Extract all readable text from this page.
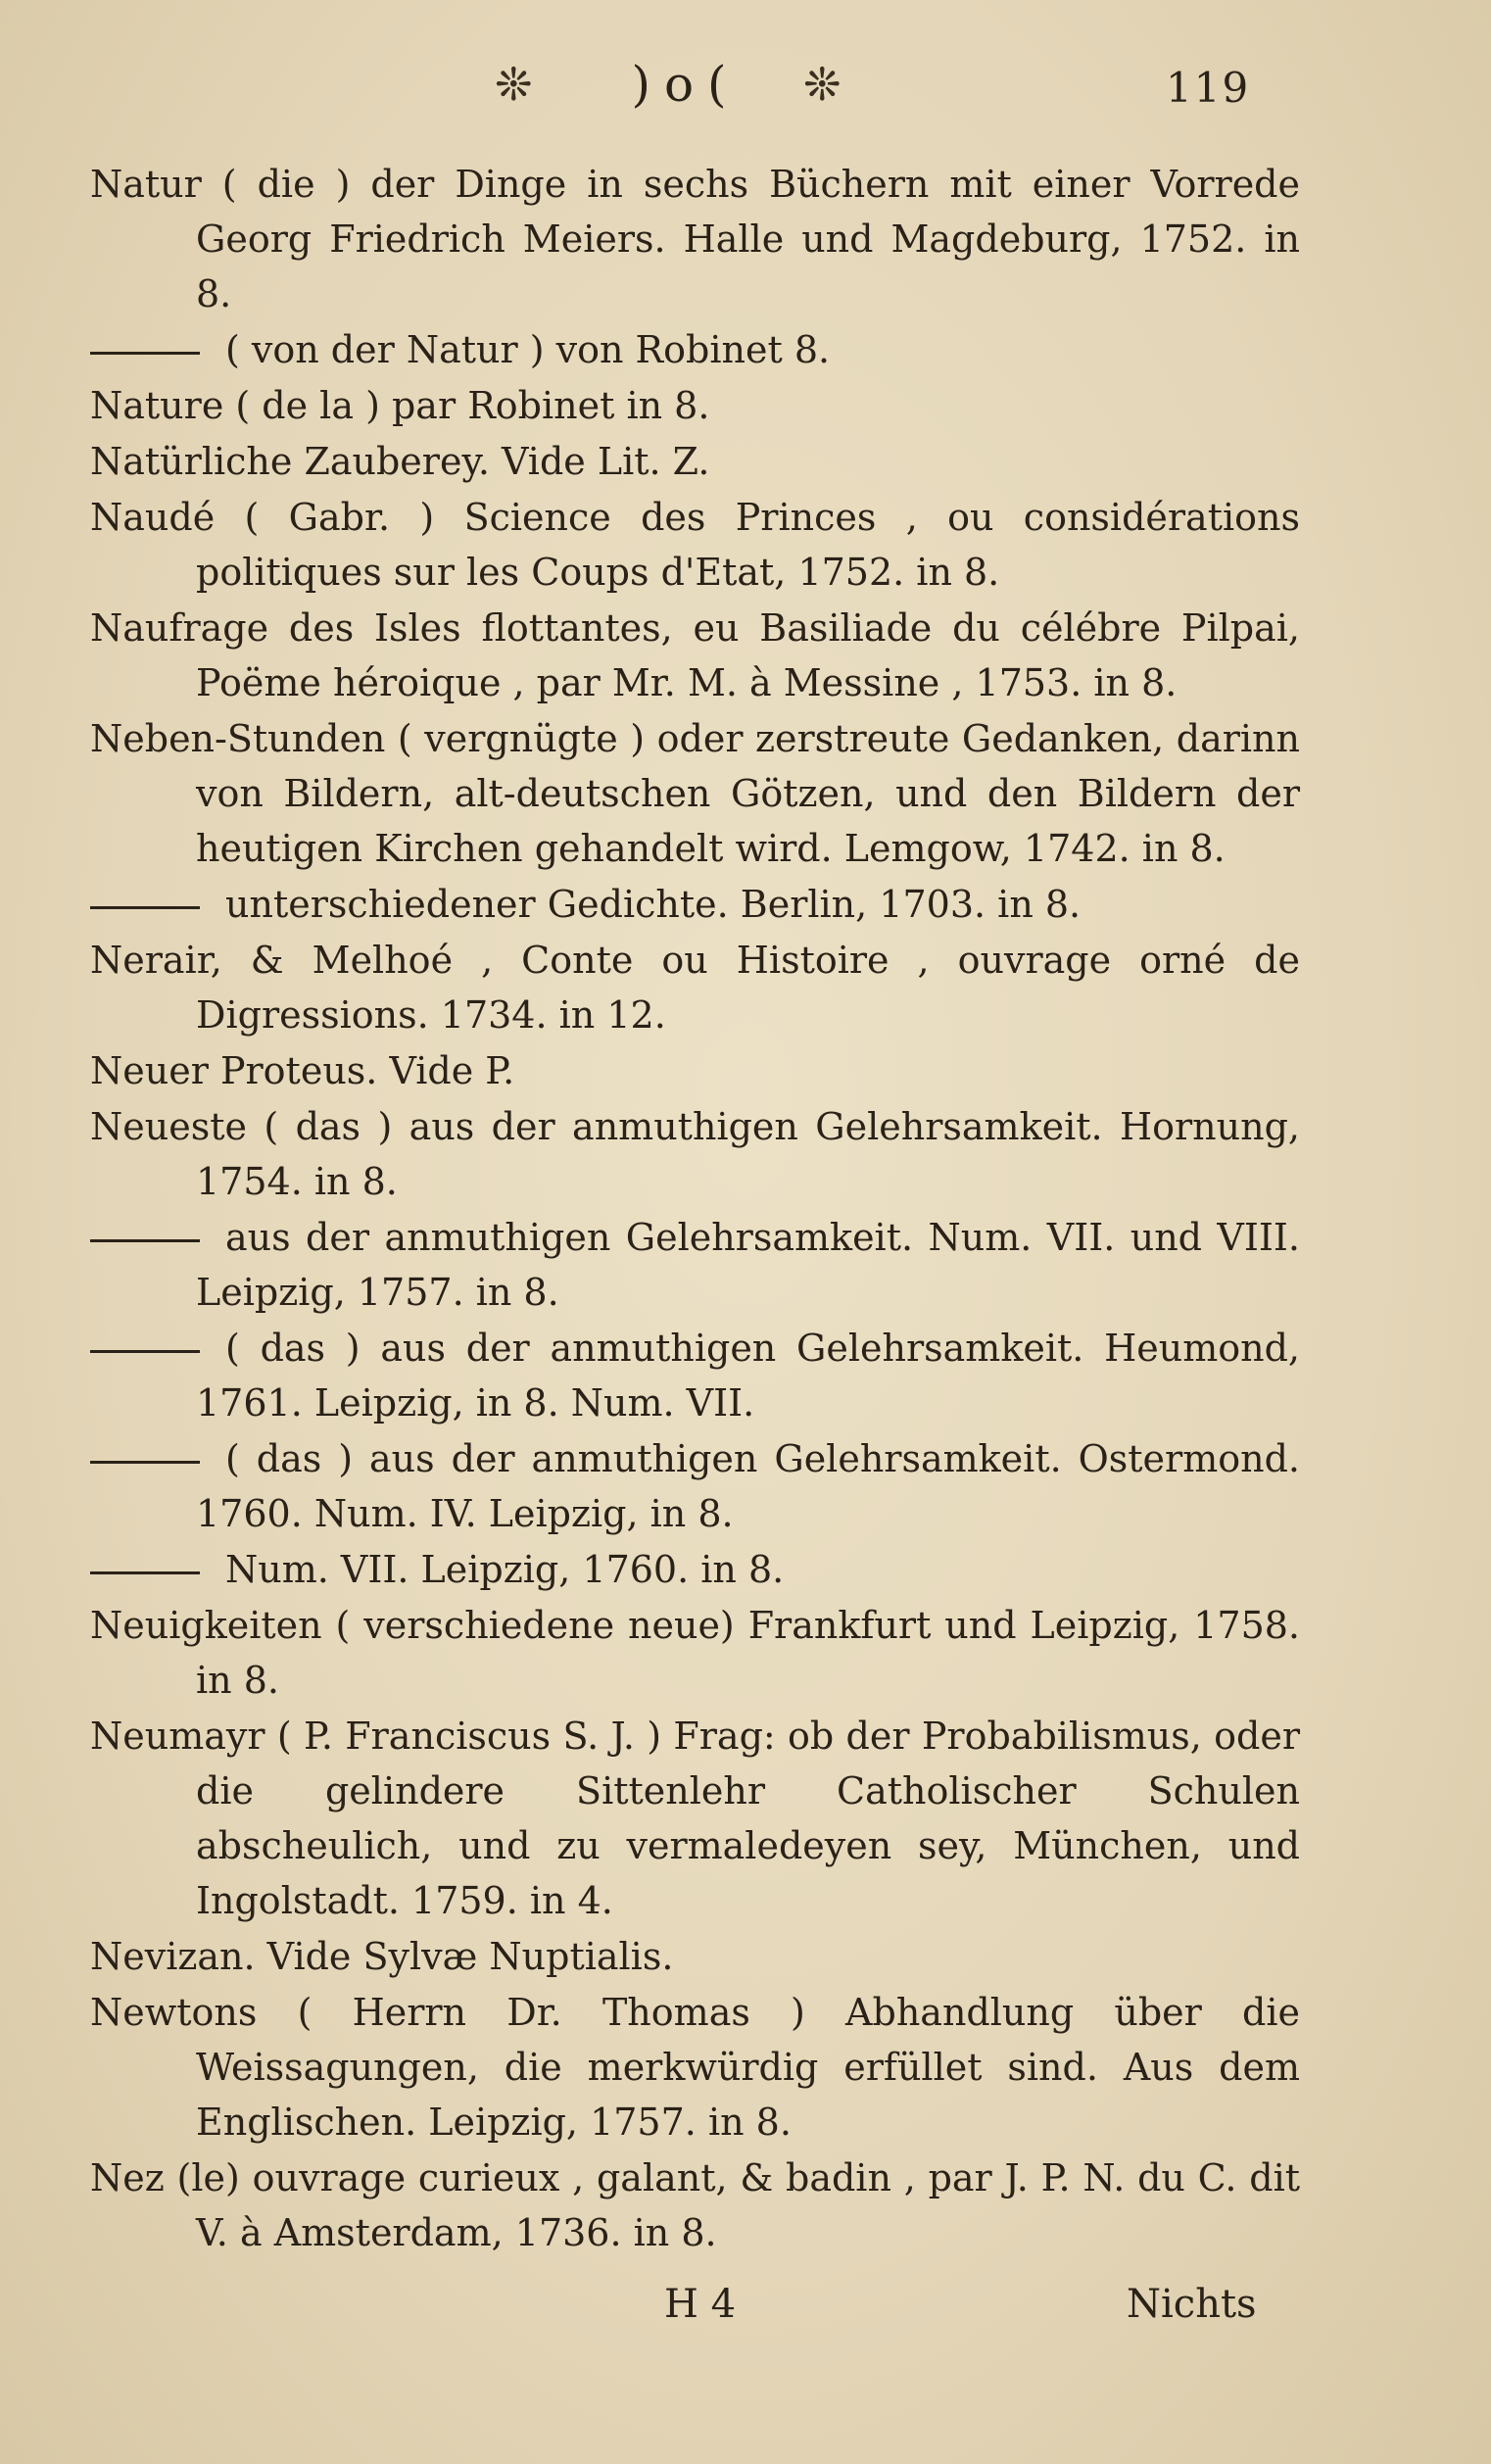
❊	)o(	❊	119

Natur ( die ) der Dinge in sechs Büchern mit einer Vorrede Georg Friedrich Meiers. Halle und Magdeburg, 1752. in 8.

( von der Natur ) von Robinet 8.

Nature ( de la ) par Robinet in 8.

Natürliche Zauberey. Vide Lit. Z.

Naudé ( Gabr. ) Science des Princes , ou considérations politiques sur les Coups d'Etat, 1752. in 8.

Naufrage des Isles flottantes, eu Basiliade du célébre Pilpai, Poëme héroique , par Mr. M. à Messine , 1753. in 8.

Neben-Stunden ( vergnügte ) oder zerstreute Gedanken, darinn von Bildern, alt-deutschen Götzen, und den Bildern der heutigen Kirchen gehandelt wird. Lemgow, 1742. in 8.

unterschiedener Gedichte. Berlin, 1703. in 8.

Nerair, & Melhoé , Conte ou Histoire , ouvrage orné de Digressions. 1734. in 12.

Neuer Proteus. Vide P.

Neueste ( das ) aus der anmuthigen Gelehrsamkeit. Hornung, 1754. in 8.

aus der anmuthigen Gelehrsamkeit. Num. VII. und VIII. Leipzig, 1757. in 8.

( das ) aus der anmuthigen Gelehrsamkeit. Heumond, 1761. Leipzig, in 8. Num. VII.

( das ) aus der anmuthigen Gelehrsamkeit. Ostermond. 1760. Num. IV. Leipzig, in 8.

Num. VII. Leipzig, 1760. in 8.

Neuigkeiten ( verschiedene neue) Frankfurt und Leipzig, 1758. in 8.

Neumayr ( P. Franciscus S. J. ) Frag: ob der Probabilismus, oder die gelindere Sittenlehr Catholischer Schulen abscheulich, und zu vermaledeyen sey, München, und Ingolstadt. 1759. in 4.

Nevizan. Vide Sylvæ Nuptialis.

Newtons ( Herrn Dr. Thomas ) Abhandlung über die Weissagungen, die merkwürdig erfüllet sind. Aus dem Englischen. Leipzig, 1757. in 8.

Nez (le) ouvrage curieux , galant, & badin , par J. P. N. du C. dit V. à Amsterdam, 1736. in 8.

H 4	Nichts
